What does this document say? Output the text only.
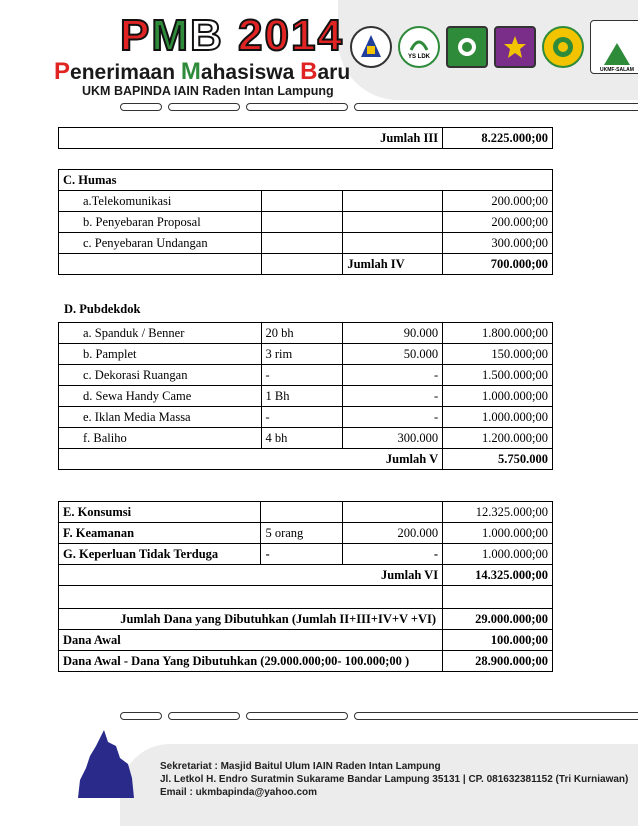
PMB 2014
Penerimaan Mahasiswa Baru
UKM BAPINDA IAIN Raden Intan Lampung
YS LDK
UKMF-SALAM
Jumlah III	8.225.000;00
C. Humas			
a.Telekomunikasi			200.000;00
b. Penyebaran Proposal			200.000;00
c. Penyebaran Undangan			300.000;00
		Jumlah IV	700.000;00
D. Pubdekdok
a. Spanduk / Benner	20 bh	90.000	1.800.000;00
b. Pamplet	3 rim	50.000	150.000;00
c. Dekorasi Ruangan	-	-	1.500.000;00
d. Sewa Handy Came	1 Bh	-	1.000.000;00
e. Iklan Media Massa	-	-	1.000.000;00
f. Baliho	4 bh	300.000	1.200.000;00
Jumlah V			5.750.000
E. Konsumsi			12.325.000;00
F. Keamanan	5 orang	200.000	1.000.000;00
G. Keperluan Tidak Terduga	-	-	1.000.000;00
Jumlah VI			14.325.000;00

Jumlah Dana yang Dibutuhkan (Jumlah II+III+IV+V +VI)			29.000.000;00
Dana Awal			100.000;00
Dana Awal - Dana Yang Dibutuhkan (29.000.000;00- 100.000;00 )			28.900.000;00
Sekretariat : Masjid Baitul Ulum IAIN Raden Intan Lampung
Jl. Letkol H. Endro Suratmin Sukarame Bandar Lampung 35131 | CP. 081632381152 (Tri Kurniawan)
Email : ukmbapinda@yahoo.com
